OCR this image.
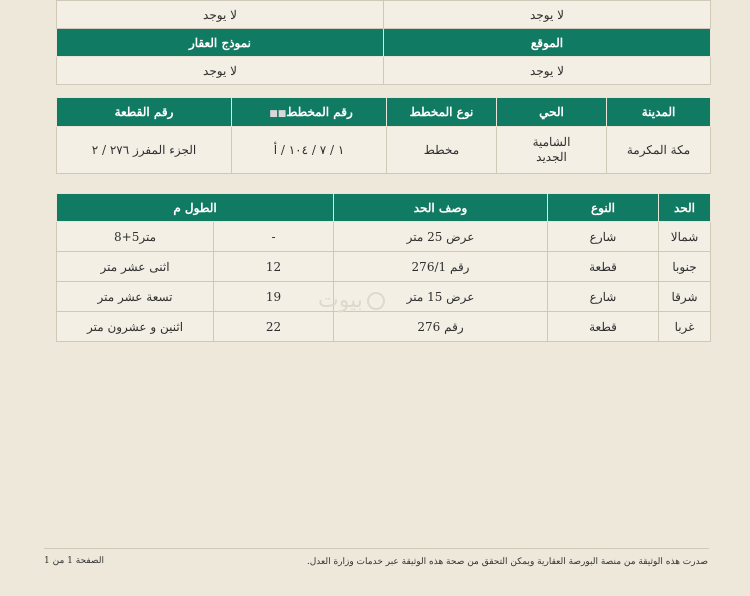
لا يوجد	لا يوجد
الموقع	نموذج العقار
لا يوجد	لا يوجد
المدينة	الحي	نوع المخطط	رقم المخطط■■	رقم القطعة
مكة المكرمة	الشامية الجديد	مخطط	١ / ٧ / ١٠٤ / أ	الجزء المفرز ٢٧٦ / ٢
الحد	النوع	وصف الحد	الطول م	
شمالا	شارع	عرض 25 متر	-	متر5+8
جنوبا	قطعة	رقم 276/1	12	اثنى عشر متر
شرقا	شارع	عرض 15 متر	19	تسعة عشر متر
غربا	قطعة	رقم 276	22	اثنين و عشرون متر
بيوت
صدرت هذه الوثيقة من منصة البورصة العقارية ويمكن التحقق من صحة هذه الوثيقة عبر خدمات وزارة العدل.
الصفحة 1 من 1
